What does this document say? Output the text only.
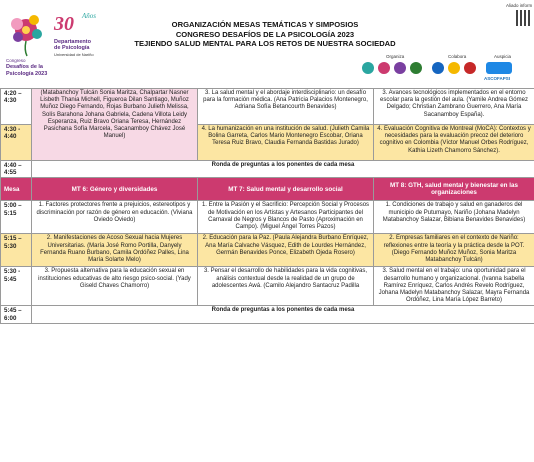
30 Años
Departamento
de Psicología
Universidad de Nariño
Congreso
Desafíos de la
Psicología 2023
ORGANIZACIÓN MESAS TEMÁTICAS Y SIMPOSIOS
CONGRESO DESAFÍOS DE LA PSICOLOGÍA 2023
TEJIENDO SALUD MENTAL PARA LOS RETOS DE NUESTRA SOCIEDAD
Aliado inform
Organiza	Colabora	Auspicia
ASCOFAPSI
4:20 –
4:30	(Matabanchoy Tulcán Sonia Maritza, Chalpartar Nasner Lisbeth Thania Michell, Figueroa Dilan Santiago, Muñoz Muñoz Diego Fernando, Rojas Burbano Julieth Melissa, Solís Barahona Johana Gabriela, Cadena Villota Leidy Esperanza, Ruiz Bravo Oriana Teresa, Hernández Pasichana Sofía Marcela, Sacanamboy Chávez José Manuel)	3. La salud mental y el abordaje interdisciplinario: un desafío para la formación médica. (Ana Patricia Palacios Montenegro, Adriana Sofía Betancourth Benavides)	3. Avances tecnológicos implementados en el entorno escolar para la gestión del aula. (Yamile Andrea Gómez Delgado; Christian Zambrano Guerrero, Ana María Sacanamboy España).
4:30 -
4:40		4. La humanización en una institución de salud. (Julieth Camila Bolina Garreta, Carlos Mario Montenegro Escobar, Oriana Teresa Ruiz Bravo, Claudia Fernanda Bastidas Jurado)	4. Evaluación Cognitiva de Montreal (MoCA): Contextos y necesidades para la evaluación precoz del deterioro cognitivo en Colombia (Víctor Manuel Orbes Rodríguez, Kathia Lizeth Chamorro Sánchez).
4:40 –
4:55	Ronda de preguntas a los ponentes de cada mesa		
Mesa	MT 6: Género y diversidades	MT 7: Salud mental y desarrollo social	MT 8: GTH, salud mental y bienestar en las organizaciones
5:00 –
5:15	1. Factores protectores frente a prejuicios, estereotipos y discriminación por razón de género en educación. (Viviana Oviedo Oviedo)	1. Entre la Pasión y el Sacrificio: Percepción Social y Procesos de Motivación en los Artistas y Artesanos Participantes del Carnaval de Negros y Blancos de Pasto (Aproximación en Campo). (Miguel Ángel Torres Pazos)	1. Condiciones de trabajo y salud en ganaderos del municipio de Putumayo, Nariño (Johana Madelyn Matabanchoy Salazar, Bibiana Benavides Benavides)
5:15 –
5:30	2. Manifestaciones de Acoso Sexual hacia Mujeres Universitarias. (María José Romo Portilla, Danyely Fernanda Ruano Burbano, Camila Ordóñez Palles, Lina María Solarte Melo)	2. Educación para la Paz. (Paula Alejandra Burbano Enríquez, Ana María Calvache Vásquez, Edith de Lourdes Hernández, Germán Benavides Ponce, Elizabeth Ojeda Rosero)	2. Empresas familiares en el contexto de Nariño: reflexiones entre la teoría y la práctica desde la POT. (Diego Fernando Muñoz Muñoz, Sonia Maritza Matabanchoy Tulcán)
5:30 -
5:45	3. Propuesta alternativa para la educación sexual en instituciones educativas de alto riesgo psico-social. (Yady Giseld Chaves Chamorro)	3. Pensar el desarrollo de habilidades para la vida cognitivas, análisis contextual desde la realidad de un grupo de adolescentes Awá. (Camilo Alejandro Santacruz Padilla	3. Salud mental en el trabajo: una oportunidad para el desarrollo humano y organizacional. (Ivanna Isabella Ramírez Enríquez, Carlos Andrés Revelo Rodríguez, Johana Madelyn Matabanchoy Salazar, Mayra Fernanda Ordóñez, Lina María López Barreto)
5:45 –
6:00	Ronda de preguntas a los ponentes de cada mesa		
